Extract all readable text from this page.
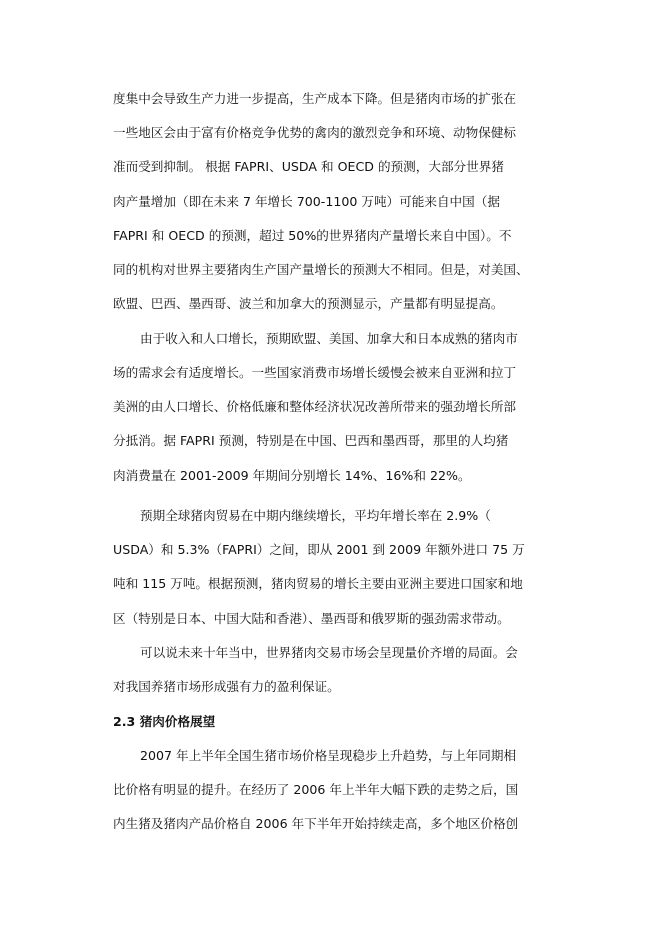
度集中会导致生产力进一步提高，生产成本下降。但是猪肉市场的扩张在
一些地区会由于富有价格竞争优势的禽肉的激烈竞争和环境、动物保健标
准而受到抑制。 根据 FAPRI、USDA 和 OECD 的预测，大部分世界猪
肉产量增加（即在未来 7 年增长 700-1100 万吨）可能来自中国（据
FAPRI 和 OECD 的预测，超过 50%的世界猪肉产量增长来自中国）。不
同的机构对世界主要猪肉生产国产量增长的预测大不相同。但是，对美国、
欧盟、巴西、墨西哥、波兰和加拿大的预测显示，产量都有明显提高。
由于收入和人口增长，预期欧盟、美国、加拿大和日本成熟的猪肉市
场的需求会有适度增长。一些国家消费市场增长缓慢会被来自亚洲和拉丁
美洲的由人口增长、价格低廉和整体经济状况改善所带来的强劲增长所部
分抵消。据 FAPRI 预测，特别是在中国、巴西和墨西哥，那里的人均猪
肉消费量在 2001-2009 年期间分别增长 14%、16%和 22%。
预期全球猪肉贸易在中期内继续增长，平均年增长率在 2.9%（
USDA）和 5.3%（FAPRI）之间，即从 2001 到 2009 年额外进口 75 万
吨和 115 万吨。根据预测，猪肉贸易的增长主要由亚洲主要进口国家和地
区（特别是日本、中国大陆和香港）、墨西哥和俄罗斯的强劲需求带动。
可以说未来十年当中，世界猪肉交易市场会呈现量价齐增的局面。会
对我国养猪市场形成强有力的盈利保证。
2.3 猪肉价格展望
2007 年上半年全国生猪市场价格呈现稳步上升趋势，与上年同期相
比价格有明显的提升。在经历了 2006 年上半年大幅下跌的走势之后，国
内生猪及猪肉产品价格自 2006 年下半年开始持续走高，多个地区价格创
